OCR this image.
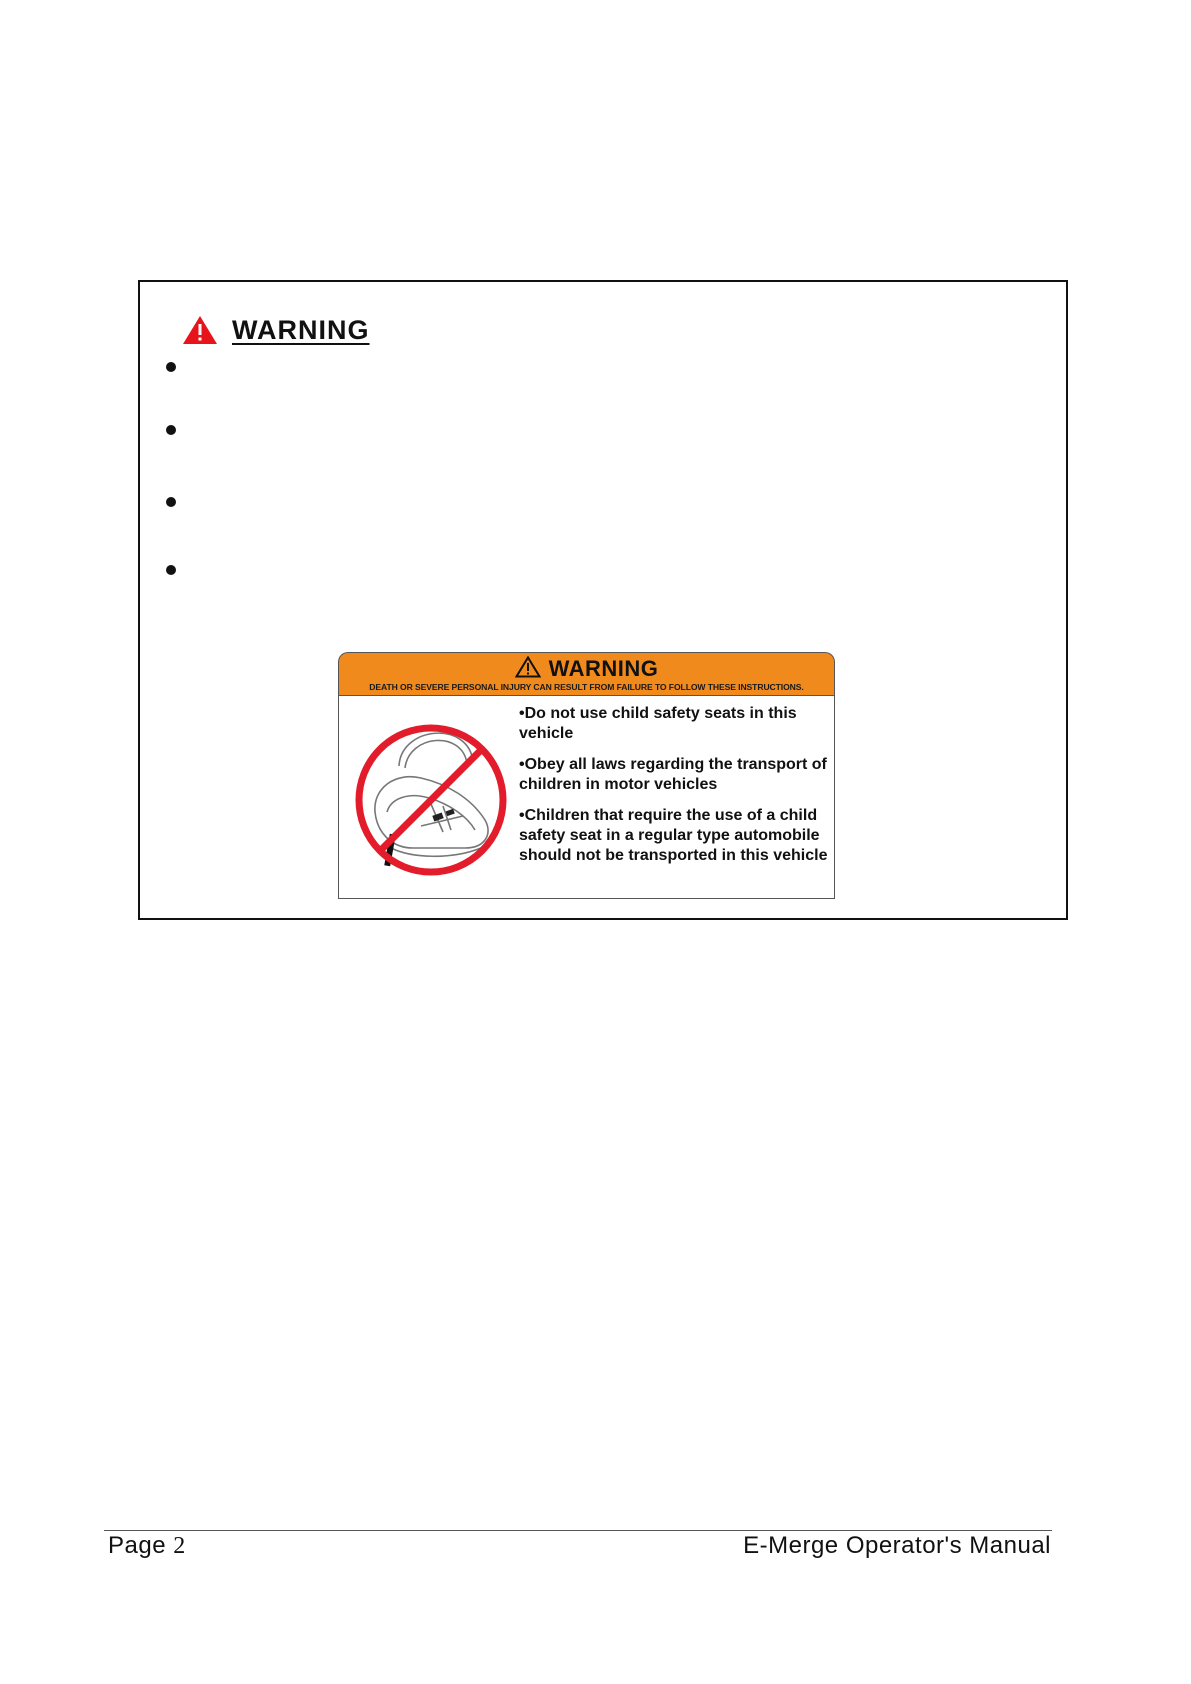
WARNING
WARNING
DEATH OR SEVERE PERSONAL INJURY CAN RESULT FROM FAILURE TO FOLLOW THESE INSTRUCTIONS.
•Do not use child safety seats in this vehicle
•Obey all laws regarding the transport of children in motor vehicles
•Children that require the use of a child safety seat in a regular type automobile should not be transported in this vehicle
Page 2	E-Merge Operator's Manual
